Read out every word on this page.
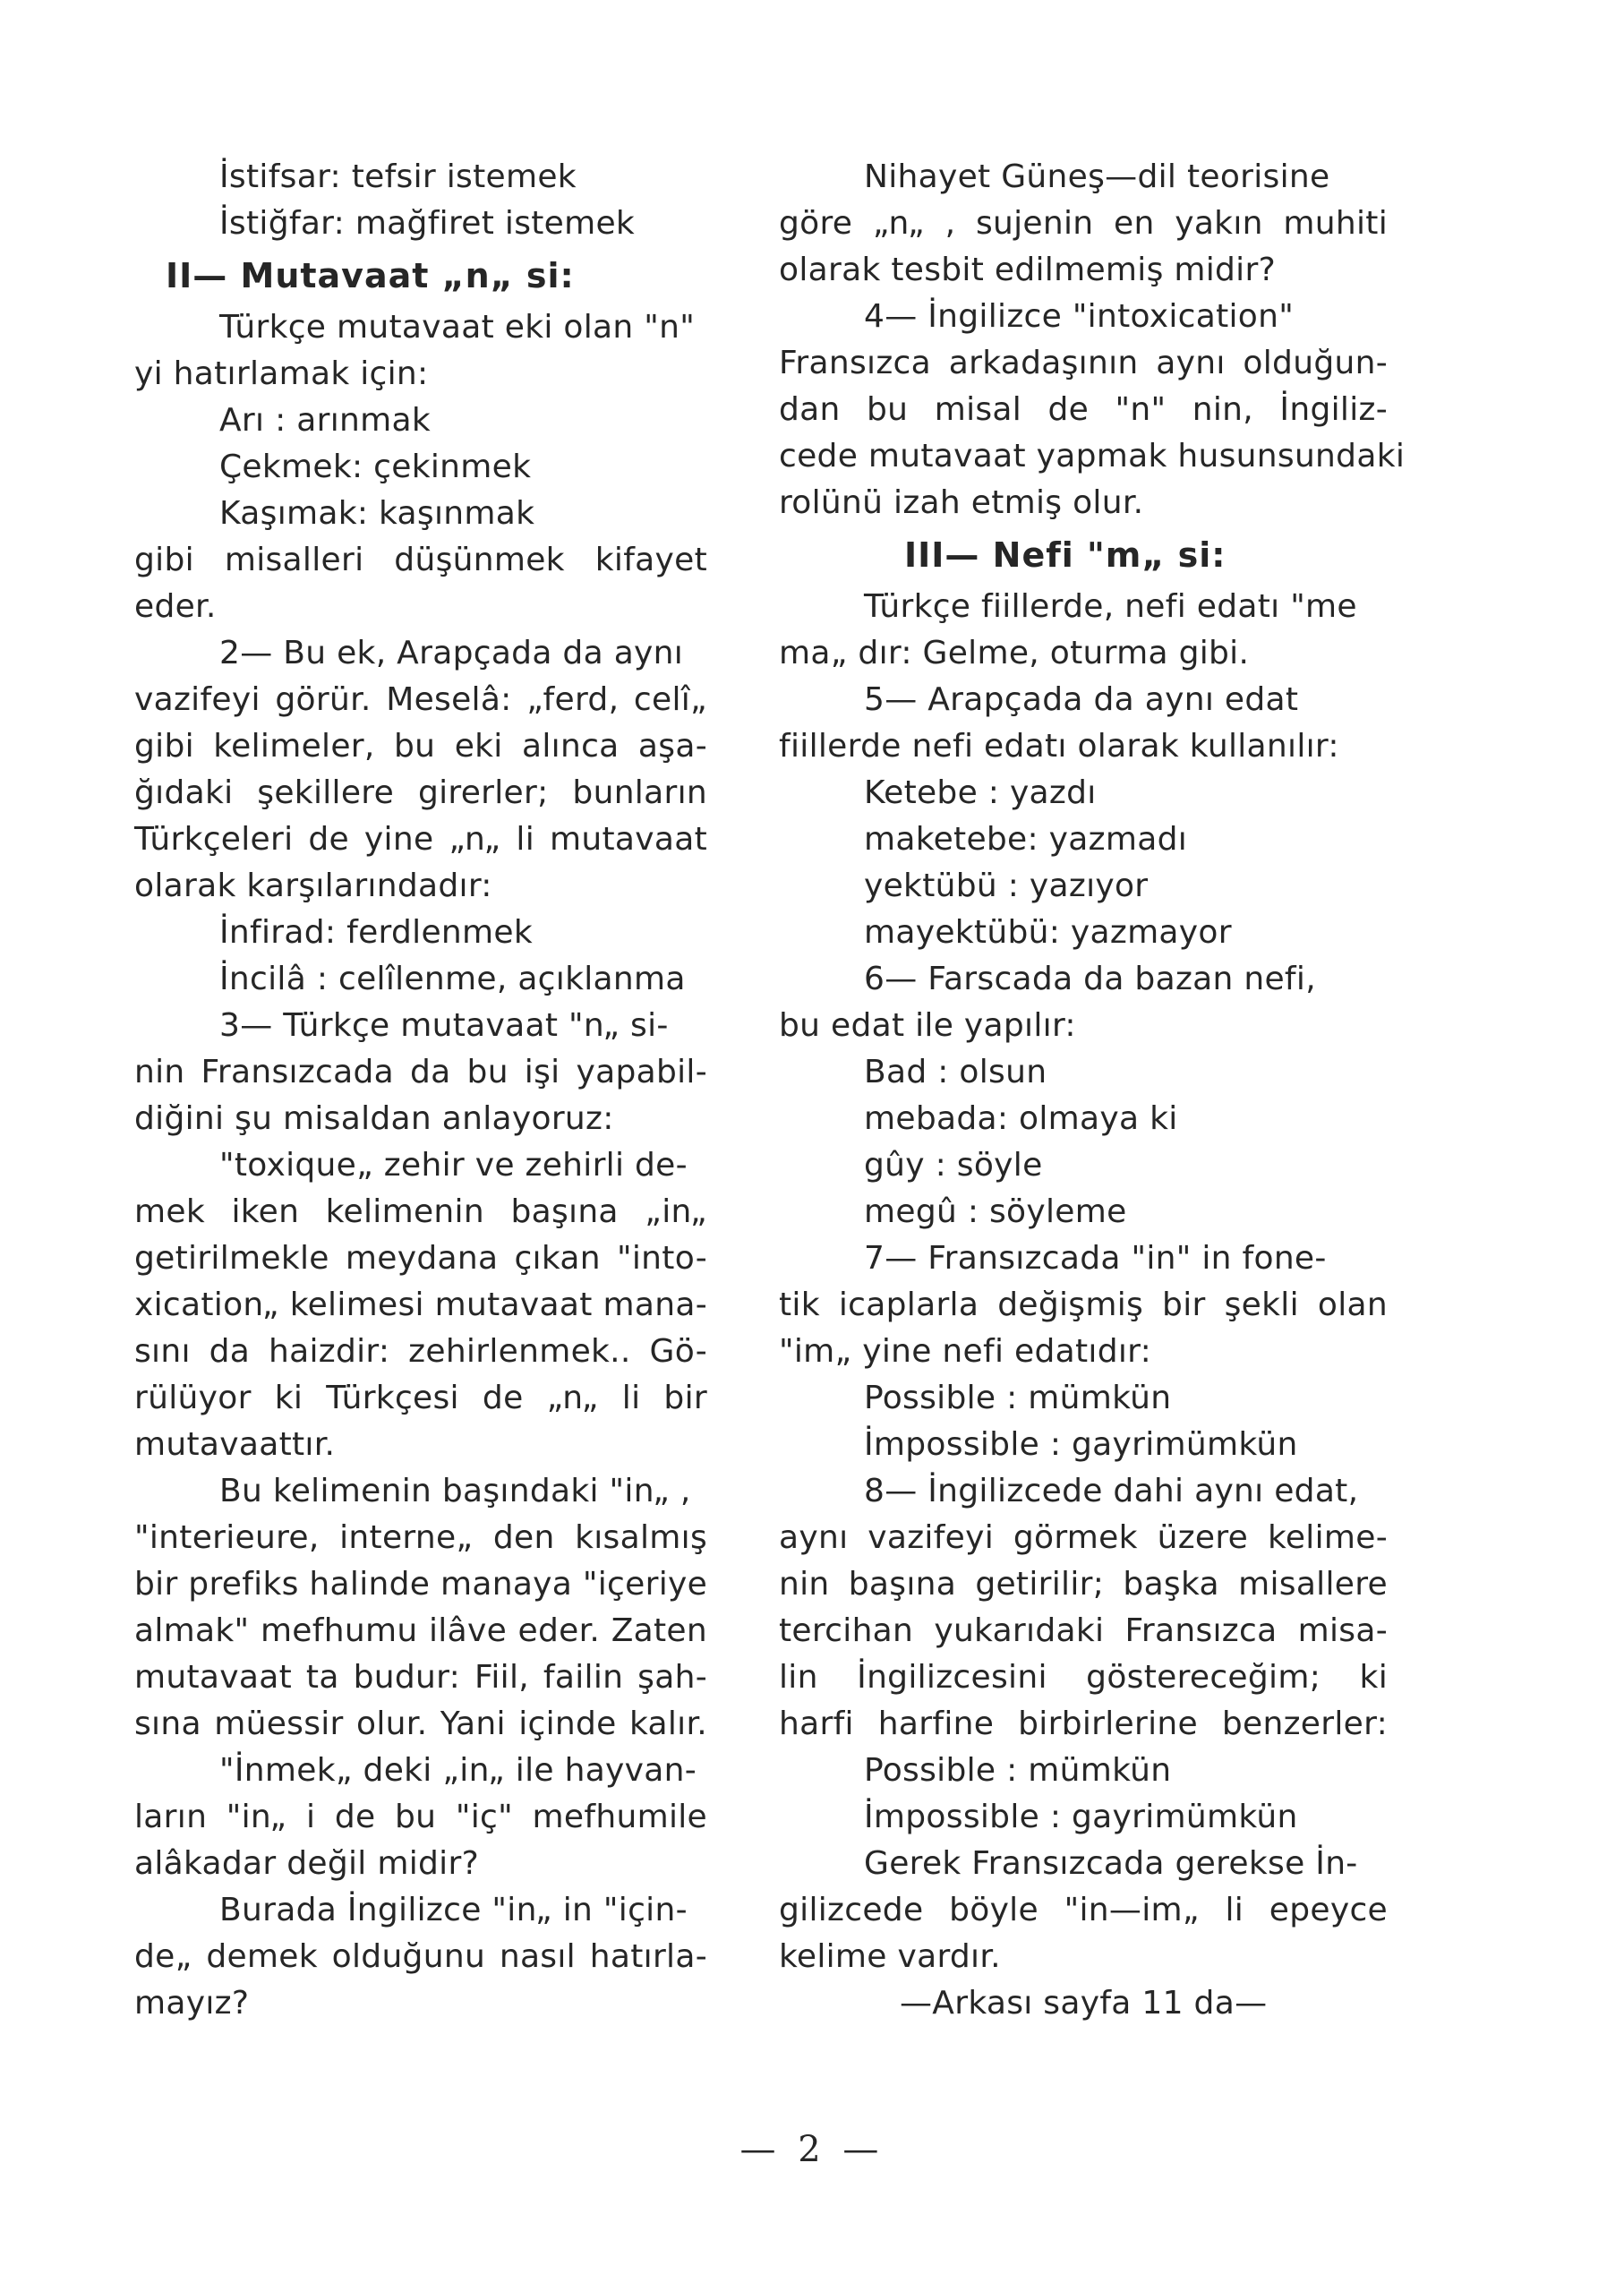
İstifsar: tefsir istemek

İstiğfar: mağfiret istemek

II— Mutavaat „n„ si:

Türkçe mutavaat eki olan "n"

yi hatırlamak için:

Arı : arınmak

Çekmek: çekinmek

Kaşımak: kaşınmak

gibi misalleri düşünmek kifayet

eder.

2— Bu ek, Arapçada da aynı

vazifeyi görür. Meselâ: „ferd, celî„

gibi kelimeler, bu eki alınca aşa-

ğıdaki şekillere girerler; bunların

Türkçeleri de yine „n„ li mutavaat

olarak karşılarındadır:

İnfirad: ferdlenmek

İncilâ : celîlenme, açıklanma

3— Türkçe mutavaat "n„ si-

nin Fransızcada da bu işi yapabil-

diğini şu misaldan anlayoruz:

"toxique„ zehir ve zehirli de-

mek iken kelimenin başına „in„

getirilmekle meydana çıkan "into-

xication„ kelimesi mutavaat mana-

sını da haizdir: zehirlenmek.. Gö-

rülüyor ki Türkçesi de „n„ li bir

mutavaattır.

Bu kelimenin başındaki "in„ ,

"interieure, interne„ den kısalmış

bir prefiks halinde manaya "içeriye

almak" mefhumu ilâve eder. Zaten

mutavaat ta budur: Fiil, failin şah-

sına müessir olur. Yani içinde kalır.

"İnmek„ deki „in„ ile hayvan-

ların "in„ i de bu "iç" mefhumile

alâkadar değil midir?

Burada İngilizce "in„ in "için-

de„ demek olduğunu nasıl hatırla-

mayız?

Nihayet Güneş—dil teorisine

göre „n„ , sujenin en yakın muhiti

olarak tesbit edilmemiş midir?

4— İngilizce "intoxication"

Fransızca arkadaşının aynı olduğun-

dan bu misal de "n" nin, İngiliz-

cede mutavaat yapmak husunsundaki

rolünü izah etmiş olur.

III— Nefi "m„ si:

Türkçe fiillerde, nefi edatı "me

ma„ dır: Gelme, oturma gibi.

5— Arapçada da aynı edat

fiillerde nefi edatı olarak kullanılır:

Ketebe : yazdı

maketebe: yazmadı

yektübü : yazıyor

mayektübü: yazmayor

6— Farscada da bazan nefi,

bu edat ile yapılır:

Bad : olsun

mebada: olmaya ki

gûy : söyle

megû : söyleme

7— Fransızcada "in" in fone-

tik icaplarla değişmiş bir şekli olan

"im„ yine nefi edatıdır:

Possible : mümkün

İmpossible : gayrimümkün

8— İngilizcede dahi aynı edat,

aynı vazifeyi görmek üzere kelime-

nin başına getirilir; başka misallere

tercihan yukarıdaki Fransızca misa-

lin İngilizcesini göstereceğim; ki

harfi harfine birbirlerine benzerler:

Possible : mümkün

İmpossible : gayrimümkün

Gerek Fransızcada gerekse İn-

gilizcede böyle "in—im„ li epeyce

kelime vardır.

—Arkası sayfa 11 da—

— 2 —
